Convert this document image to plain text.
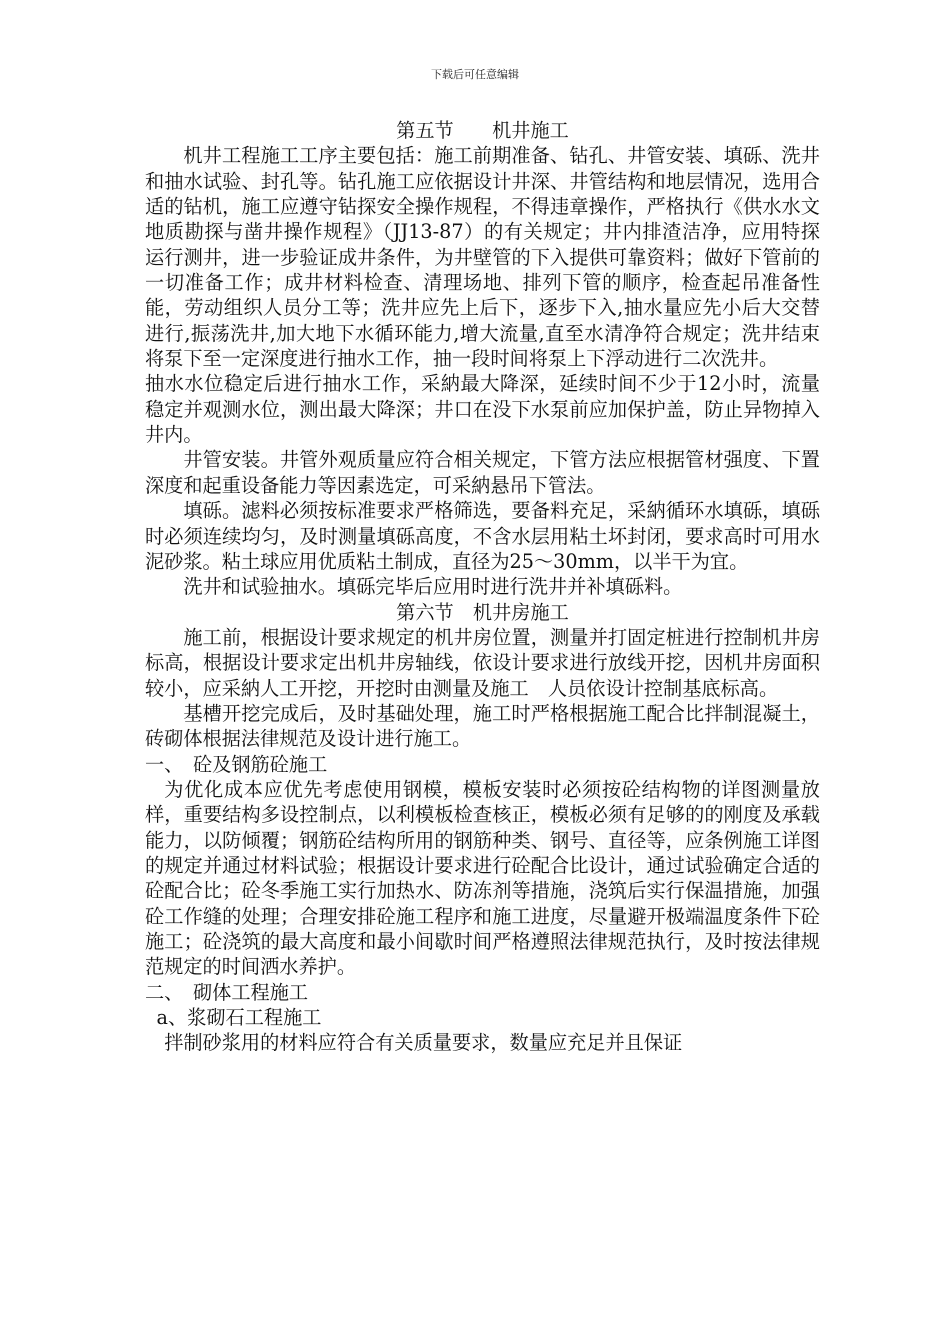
下载后可任意编辑
第五节　　机井施工

机井工程施工工序主要包括：施工前期准备、钻孔、井管安装、填砾、洗井和抽水试验、封孔等。钻孔施工应依据设计井深、井管结构和地层情况，选用合适的钻机，施工应遵守钻探安全操作规程，不得违章操作，严格执行《供水水文地质勘探与凿井操作规程》（JJ13-87）的有关规定；井内排渣洁净，应用特探运行测井，进一步验证成井条件，为井壁管的下入提供可靠资料；做好下管前的一切准备工作；成井材料检查、清理场地、排列下管的顺序，检查起吊准备性能，劳动组织人员分工等；洗井应先上后下，逐步下入,抽水量应先小后大交替进行,振荡洗井,加大地下水循环能力,增大流量,直至水清净符合规定；洗井结束将泵下至一定深度进行抽水工作，抽一段时间将泵上下浮动进行二次洗井。

抽水水位稳定后进行抽水工作，采納最大降深，延续时间不少于12小时，流量稳定并观测水位，测出最大降深；井口在没下水泵前应加保护盖，防止异物掉入井内。

井管安装。井管外观质量应符合相关规定，下管方法应根据管材强度、下置深度和起重设备能力等因素选定，可采納悬吊下管法。

填砾。滤料必须按标准要求严格筛选，要备料充足，采納循环水填砾，填砾时必须连续均匀，及时测量填砾高度，不含水层用粘土坏封闭，要求高时可用水泥砂浆。粘土球应用优质粘土制成，直径为25～30mm，以半干为宜。

洗井和试验抽水。填砾完毕后应用时进行洗井并补填砾料。

第六节　机井房施工

施工前，根据设计要求规定的机井房位置，测量并打固定桩进行控制机井房标高，根据设计要求定出机井房轴线，依设计要求进行放线开挖，因机井房面积较小，应采納人工开挖，开挖时由测量及施工　人员依设计控制基底标高。

基槽开挖完成后，及时基础处理，施工时严格根据施工配合比拌制混凝土，砖砌体根据法律规范及设计进行施工。

一、　砼及钢筋砼施工

为优化成本应优先考虑使用钢模，模板安装时必须按砼结构物的详图测量放样，重要结构多设控制点，以利模板检查核正，模板必须有足够的的刚度及承载能力，以防倾覆；钢筋砼结构所用的钢筋种类、钢号、直径等，应条例施工详图的规定并通过材料试验；根据设计要求进行砼配合比设计，通过试验确定合适的砼配合比；砼冬季施工实行加热水、防冻剂等措施，浇筑后实行保温措施，加强砼工作缝的处理；合理安排砼施工程序和施工进度，尽量避开极端温度条件下砼施工；砼浇筑的最大高度和最小间歇时间严格遵照法律规范执行，及时按法律规范规定的时间洒水养护。

二、　砌体工程施工
a、浆砌石工程施工

拌制砂浆用的材料应符合有关质量要求，数量应充足并且保证
